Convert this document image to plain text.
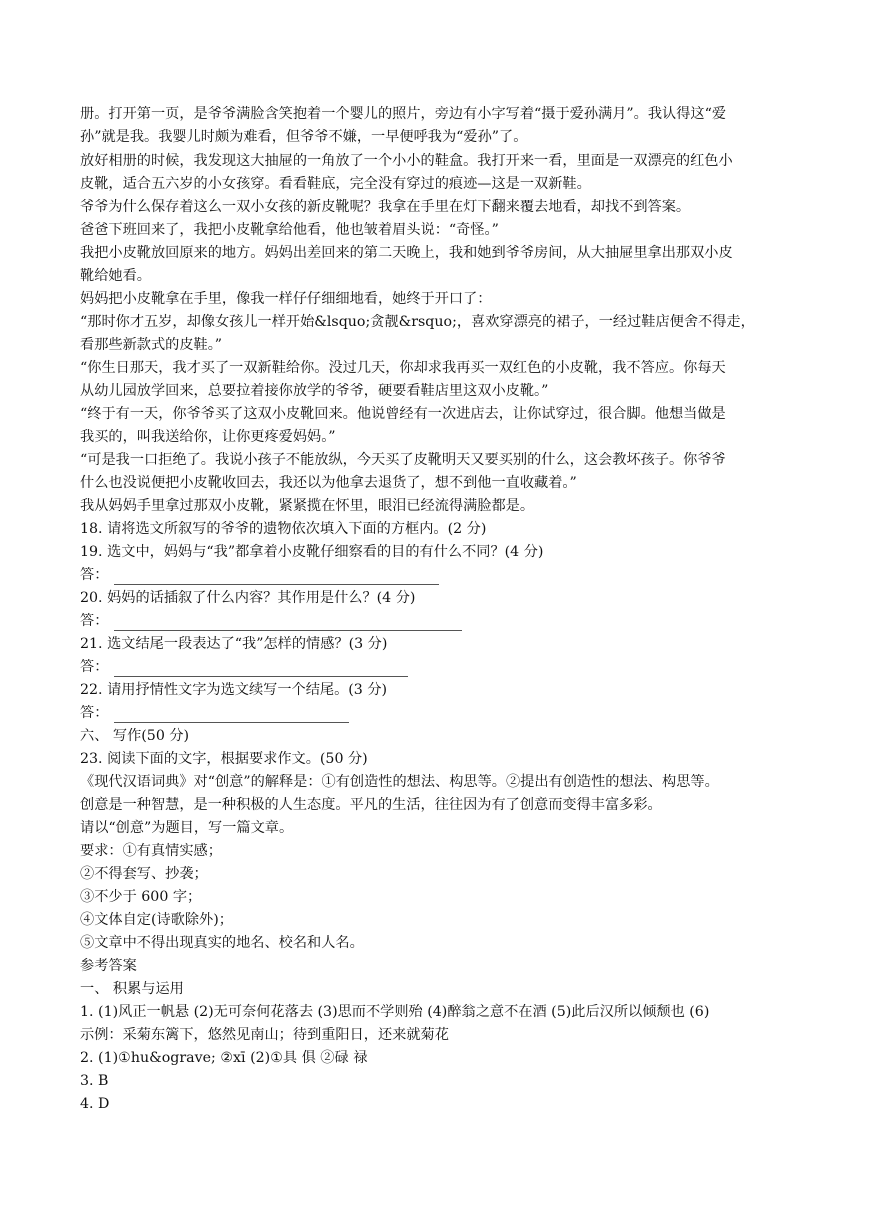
册。打开第一页，是爷爷满脸含笑抱着一个婴儿的照片，旁边有小字写着“摄于爱孙满月”。我认得这“爱
孙”就是我。我婴儿时颇为难看，但爷爷不嫌，一早便呼我为“爱孙”了。
放好相册的时候，我发现这大抽屉的一角放了一个小小的鞋盒。我打开来一看，里面是一双漂亮的红色小
皮靴，适合五六岁的小女孩穿。看看鞋底，完全没有穿过的痕迹—这是一双新鞋。
爷爷为什么保存着这么一双小女孩的新皮靴呢？我拿在手里在灯下翻来覆去地看，却找不到答案。
爸爸下班回来了，我把小皮靴拿给他看，他也皱着眉头说：“奇怪。”
我把小皮靴放回原来的地方。妈妈出差回来的第二天晚上，我和她到爷爷房间，从大抽屉里拿出那双小皮
靴给她看。
妈妈把小皮靴拿在手里，像我一样仔仔细细地看，她终于开口了：
“那时你才五岁，却像女孩儿一样开始&lsquo;贪靓&rsquo;，喜欢穿漂亮的裙子，一经过鞋店便舍不得走，
看那些新款式的皮鞋。”
“你生日那天，我才买了一双新鞋给你。没过几天，你却求我再买一双红色的小皮靴，我不答应。你每天
从幼儿园放学回来，总要拉着接你放学的爷爷，硬要看鞋店里这双小皮靴。”
“终于有一天，你爷爷买了这双小皮靴回来。他说曾经有一次进店去，让你试穿过，很合脚。他想当做是
我买的，叫我送给你，让你更疼爱妈妈。”
“可是我一口拒绝了。我说小孩子不能放纵，今天买了皮靴明天又要买别的什么，这会教坏孩子。你爷爷
什么也没说便把小皮靴收回去，我还以为他拿去退货了，想不到他一直收藏着。”
我从妈妈手里拿过那双小皮靴，紧紧揽在怀里，眼泪已经流得满脸都是。
18. 请将选文所叙写的爷爷的遗物依次填入下面的方框内。(2 分)
19. 选文中，妈妈与“我”都拿着小皮靴仔细察看的目的有什么不同？(4 分)
答：
20. 妈妈的话插叙了什么内容？其作用是什么？(4 分)
答：
21. 选文结尾一段表达了“我”怎样的情感？(3 分)
答：
22. 请用抒情性文字为选文续写一个结尾。(3 分)
答：
六、 写作(50 分)
23. 阅读下面的文字，根据要求作文。(50 分)
《现代汉语词典》对“创意”的解释是：①有创造性的想法、构思等。②提出有创造性的想法、构思等。
创意是一种智慧，是一种积极的人生态度。平凡的生活，往往因为有了创意而变得丰富多彩。
请以“创意”为题目，写一篇文章。
要求：①有真情实感；
②不得套写、抄袭；
③不少于 600 字；
④文体自定(诗歌除外)；
⑤文章中不得出现真实的地名、校名和人名。
参考答案
一、 积累与运用
1. (1)风正一帆悬 (2)无可奈何花落去 (3)思而不学则殆 (4)醉翁之意不在酒 (5)此后汉所以倾颓也 (6)
示例：采菊东篱下，悠然见南山；待到重阳日，还来就菊花
2. (1)①hu&ograve; ②xī (2)①具 俱 ②碌 禄
3. B
4. D
